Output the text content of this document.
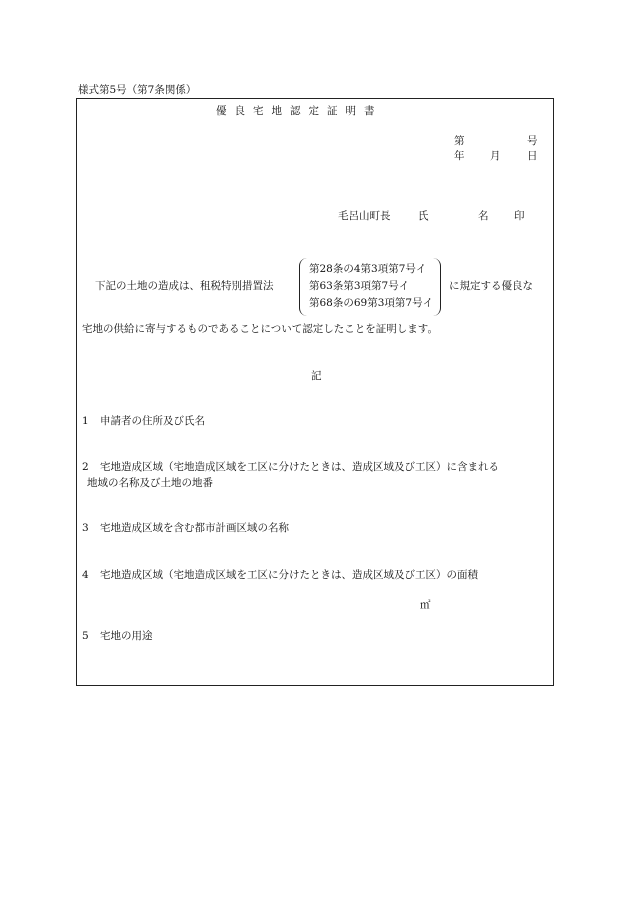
様式第5号（第7条関係）
優良宅地認定証明書
第	号
年 月	日
毛呂山町長	氏	名 印
下記の土地の造成は、租税特別措置法
第28条の4第3項第7号イ
第63条第3項第7号イ
第68条の69第3項第7号イ
に規定する優良な
宅地の供給に寄与するものであることについて認定したことを証明します。
記
1 申請者の住所及び氏名
2 宅地造成区域（宅地造成区域を工区に分けたときは、造成区域及び工区）に含まれる
地域の名称及び土地の地番
3 宅地造成区域を含む都市計画区域の名称
4 宅地造成区域（宅地造成区域を工区に分けたときは、造成区域及び工区）の面積
㎡
5 宅地の用途
